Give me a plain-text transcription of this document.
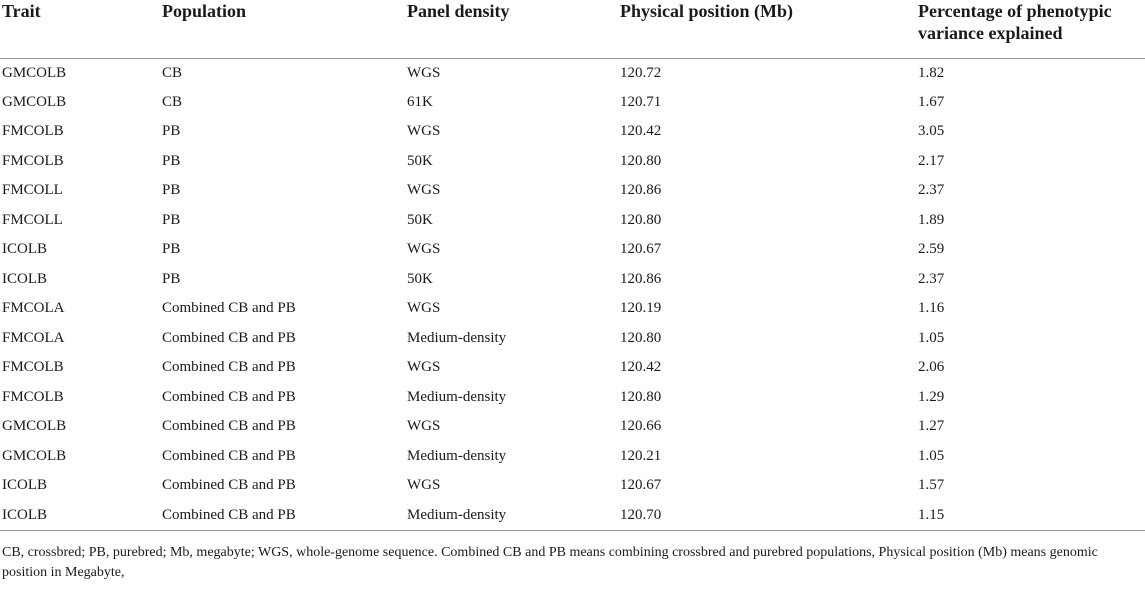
Trait	Population	Panel density	Physical position (Mb)	Percentage of phenotypic variance explained

GMCOLB	CB	WGS	120.72	1.82
GMCOLB	CB	61K	120.71	1.67
FMCOLB	PB	WGS	120.42	3.05
FMCOLB	PB	50K	120.80	2.17
FMCOLL	PB	WGS	120.86	2.37
FMCOLL	PB	50K	120.80	1.89
ICOLB	PB	WGS	120.67	2.59
ICOLB	PB	50K	120.86	2.37
FMCOLA	Combined CB and PB	WGS	120.19	1.16
FMCOLA	Combined CB and PB	Medium-density	120.80	1.05
FMCOLB	Combined CB and PB	WGS	120.42	2.06
FMCOLB	Combined CB and PB	Medium-density	120.80	1.29
GMCOLB	Combined CB and PB	WGS	120.66	1.27
GMCOLB	Combined CB and PB	Medium-density	120.21	1.05
ICOLB	Combined CB and PB	WGS	120.67	1.57
ICOLB	Combined CB and PB	Medium-density	120.70	1.15
CB, crossbred; PB, purebred; Mb, megabyte; WGS, whole-genome sequence. Combined CB and PB means combining crossbred and purebred populations, Physical position (Mb) means genomic position in Megabyte,
